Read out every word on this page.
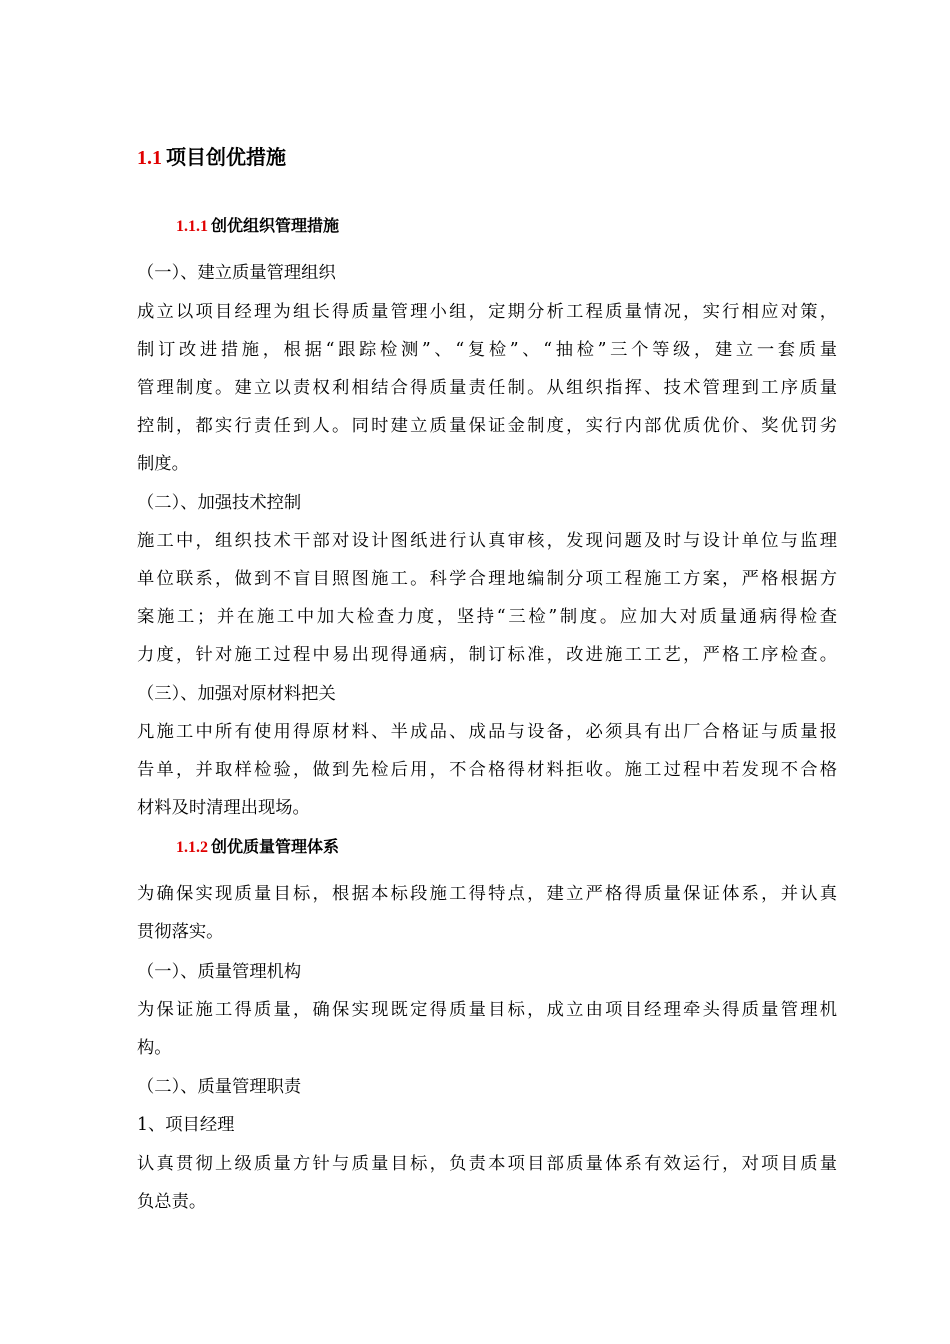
1.1 项目创优措施
1.1.1 创优组织管理措施
（一）、建立质量管理组织
成立以项目经理为组长得质量管理小组，定期分析工程质量情况，实行相应对策，
制订改进措施，根据“跟踪检测”、“复检”、“抽检”三个等级，建立一套质量
管理制度。建立以责权利相结合得质量责任制。从组织指挥、技术管理到工序质量
控制，都实行责任到人。同时建立质量保证金制度，实行内部优质优价、奖优罚劣
制度。
（二）、加强技术控制
施工中，组织技术干部对设计图纸进行认真审核，发现问题及时与设计单位与监理
单位联系，做到不盲目照图施工。科学合理地编制分项工程施工方案，严格根据方
案施工；并在施工中加大检查力度，坚持“三检”制度。应加大对质量通病得检查
力度，针对施工过程中易出现得通病，制订标准，改进施工工艺，严格工序检查。
（三）、加强对原材料把关
凡施工中所有使用得原材料、半成品、成品与设备，必须具有出厂合格证与质量报
告单，并取样检验，做到先检后用，不合格得材料拒收。施工过程中若发现不合格
材料及时清理出现场。
1.1.2 创优质量管理体系
为确保实现质量目标，根据本标段施工得特点，建立严格得质量保证体系，并认真
贯彻落实。
（一）、质量管理机构
为保证施工得质量，确保实现既定得质量目标，成立由项目经理牵头得质量管理机
构。
（二）、质量管理职责
1、项目经理
认真贯彻上级质量方针与质量目标，负责本项目部质量体系有效运行，对项目质量
负总责。
